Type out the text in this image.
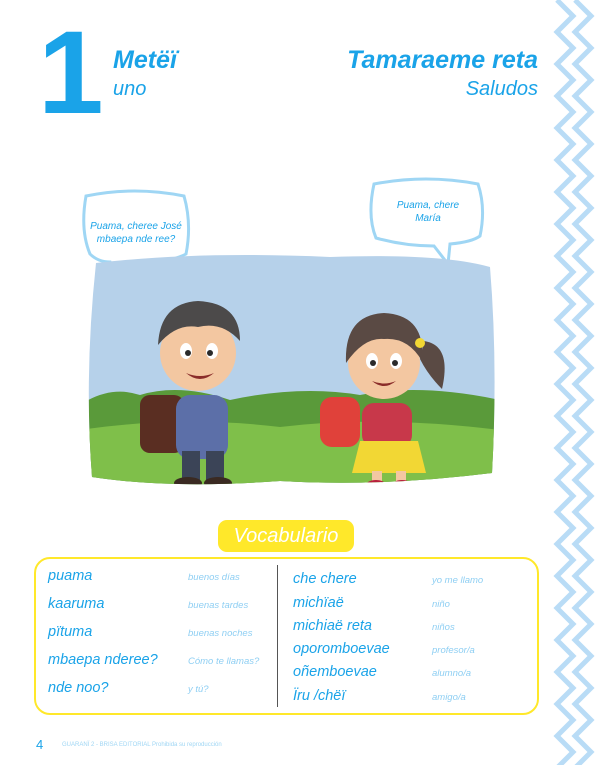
1 Metëï
uno
Tamaraeme reta
Saludos
Puama, cheree José
mbaepa nde ree?
Puama, chere
María
Vocabulario
puama	buenos días
kaaruma	buenas tardes
pïtuma	buenas noches
mbaepa nderee?	Cómo te llamas?
nde noo?	y tú?
che chere	yo me llamo
michïaë	niño
michiaë reta	niños
oporomboevae	profesor/a
oñemboevae	alumno/a
Ïru /chëï	amigo/a
4	GUARANÏ 2 - BRISA EDITORIAL Prohibida su reproducción
